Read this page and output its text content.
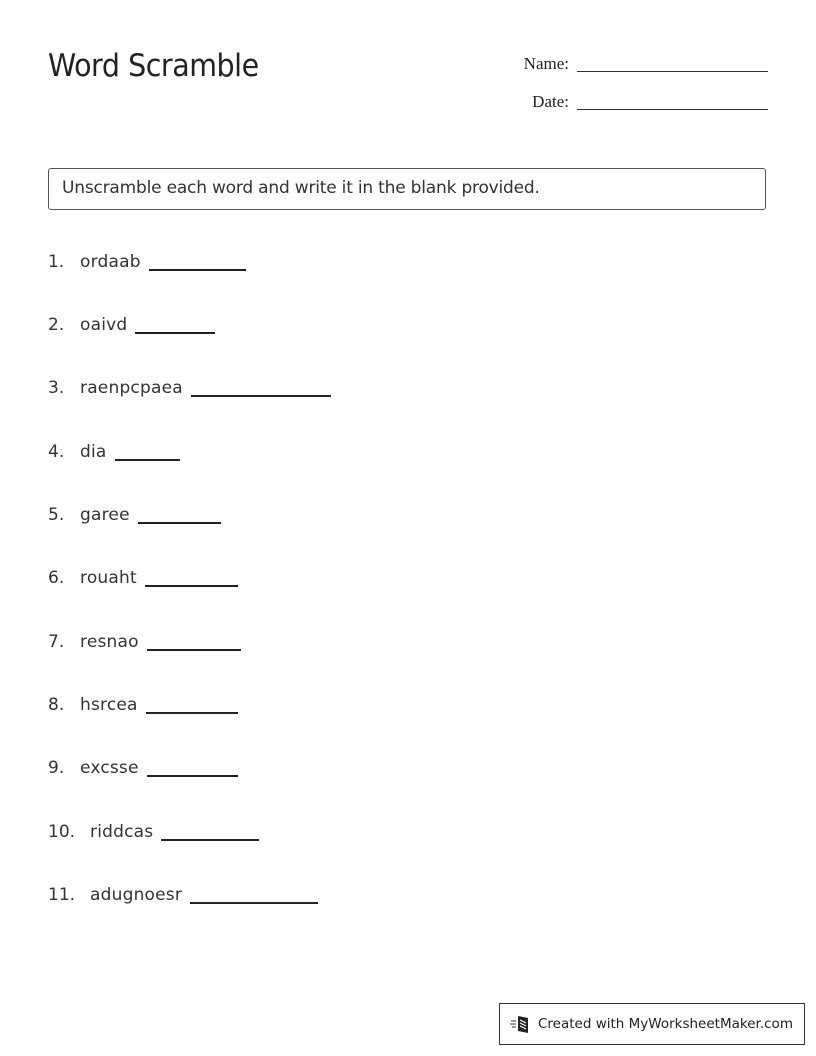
Word Scramble	Name:
Date:
Unscramble each word and write it in the blank provided.
1. ordaab
2. oaivd
3. raenpcpaea
4. dia
5. garee
6. rouaht
7. resnao
8. hsrcea
9. excsse
10. riddcas
11. adugnoesr
Created with MyWorksheetMaker.com
